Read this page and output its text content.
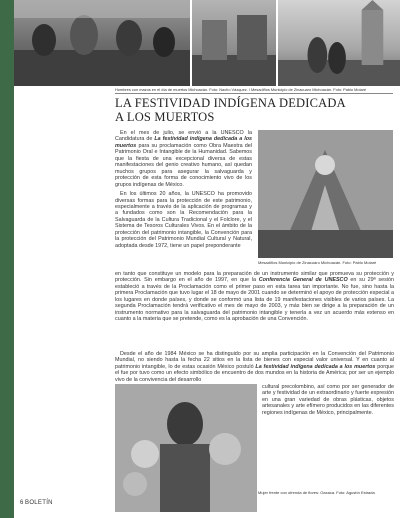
Hombres con mazos en el día de muertos Michoacán. Foto: Nacho Vázquez. / Mesadiños Municipio de Zinacuaro Michoacán. Foto: Pablo Molaré
LA FESTIVIDAD INDÍGENA DEDICADA
A LOS MUERTOS

En el mes de julio, se envió a la UNESCO la Candidatura de La festividad indígena dedicada a los muertos para su proclamación como Obra Maestra del Patrimonio Oral e Intangible de la Humanidad. Sabemos que la fiesta de una excepcional diversa de estas manifestaciones del genio creativo humano, así quedan muchos grupos para asegurar la salvaguarda y protección de esta forma de conocimiento vivo de los grupos indígenas de México.

En los últimos 20 años, la UNESCO ha promovido diversas formas para la protección de este patrimonio, especialmente a través de la aplicación de programas y a fundados como son la Recomendación para la Salvaguarda de la Cultura Tradicional y el Folclore, y el Sistema de Tesoros Culturales Vivos. En el ámbito de la protección del patrimonio intangible, la Convención para la protección del Patrimonio Mundial Cultural y Natural, adoptada desde 1972, tiene un papel preponderante

Mesadiños Municipio de Zinacuaro Michoacán. Foto: Pablo Molaré

en tanto que constituye un modelo para la preparación de un instrumento similar que promueva su protección y protección. Sin embargo en el año de 1997, en que la Conferencia General de UNESCO en su 29ª sesión estableció a través de la Proclamación como el primer paso en esta tarea tan importante. No fue, sino hasta la primera Proclamación que tuvo lugar el 18 de mayo de 2001 cuando se determinó el apoyo de protección especial a los lugares en donde países, y donde se conformó una lista de 19 manifestaciones visibles de varios países. La segunda Proclamación tendrá verificativo el mes de mayo de 2003, y más bien se dirige a la preparación de un instrumento normativo para la salvaguarda del patrimonio intangible y tenerla a vez un acuerdo más extenso en cuanto a la materia que se pretende, como es la aprobación de una Convención.

Desde el año de 1984 México se ha distinguido por su amplia participación en la Convención del Patrimonio Mundial, no siendo hasta la fecha 22 sitios en la lista de bienes con especial valor universal. Y en cuanto al patrimonio intangible, lo de estas ocasión México postuló La festividad indígena dedicada a los muertos porque el fue por tuvo como un efecto simbólico de encuentro de dos mundos en la historia de América; por ser un ejemplo vivo de la convivencia del desarrollo

cultural precolombino, así como por ser generador de arte y festividad de un extraordinario y fuerte expresión en una gran variedad de obras plásticas, objetos artesanales y arte efímero producidos en las diferentes regiones indígenas de México, principalmente.

Mujer frente con ofrenda de flores: Oaxaca. Foto: Agustín Estrada
6 BOLETÍN
